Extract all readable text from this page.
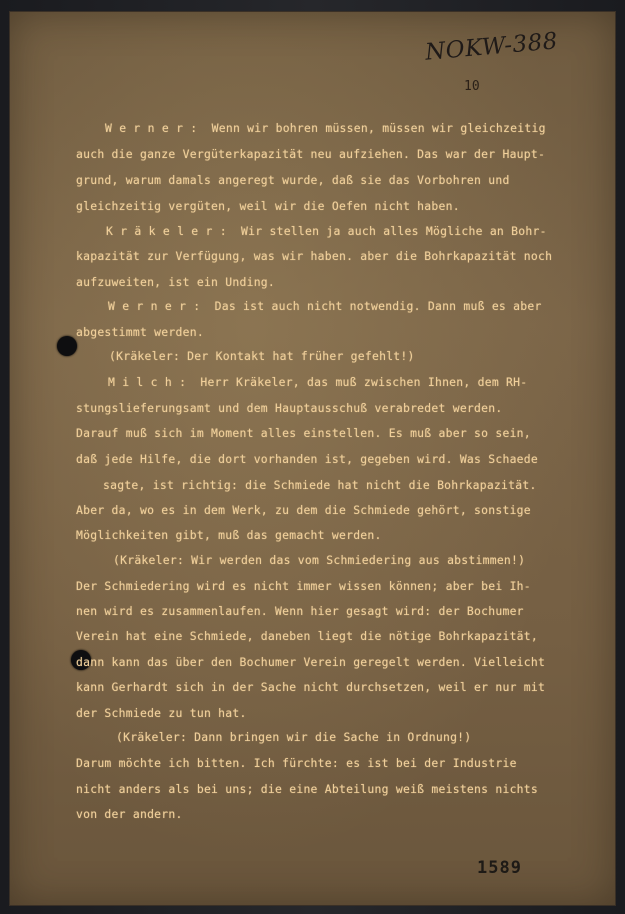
NOKW-388
10
W e r n e r :  Wenn wir bohren müssen, müssen wir gleichzeitig
auch die ganze Vergüterkapazität neu aufziehen. Das war der Haupt-
grund, warum damals angeregt wurde, daß sie das Vorbohren und
gleichzeitig vergüten, weil wir die Oefen nicht haben.
K r ä k e l e r :  Wir stellen ja auch alles Mögliche an Bohr-
kapazität zur Verfügung, was wir haben. aber die Bohrkapazität noch
aufzuweiten, ist ein Unding.
W e r n e r :  Das ist auch nicht notwendig. Dann muß es aber
abgestimmt werden.
(Kräkeler: Der Kontakt hat früher gefehlt!)
M i l c h :  Herr Kräkeler, das muß zwischen Ihnen, dem RH-
stungslieferungsamt und dem Hauptausschuß verabredet werden.
Darauf muß sich im Moment alles einstellen. Es muß aber so sein,
daß jede Hilfe, die dort vorhanden ist, gegeben wird. Was Schaede
sagte, ist richtig: die Schmiede hat nicht die Bohrkapazität.
Aber da, wo es in dem Werk, zu dem die Schmiede gehört, sonstige
Möglichkeiten gibt, muß das gemacht werden.
(Kräkeler: Wir werden das vom Schmiedering aus abstimmen!)
Der Schmiedering wird es nicht immer wissen können; aber bei Ih-
nen wird es zusammenlaufen. Wenn hier gesagt wird: der Bochumer
Verein hat eine Schmiede, daneben liegt die nötige Bohrkapazität,
dann kann das über den Bochumer Verein geregelt werden. Vielleicht
kann Gerhardt sich in der Sache nicht durchsetzen, weil er nur mit
der Schmiede zu tun hat.
(Kräkeler: Dann bringen wir die Sache in Ordnung!)
Darum möchte ich bitten. Ich fürchte: es ist bei der Industrie
nicht anders als bei uns; die eine Abteilung weiß meistens nichts
von der andern.
1589
